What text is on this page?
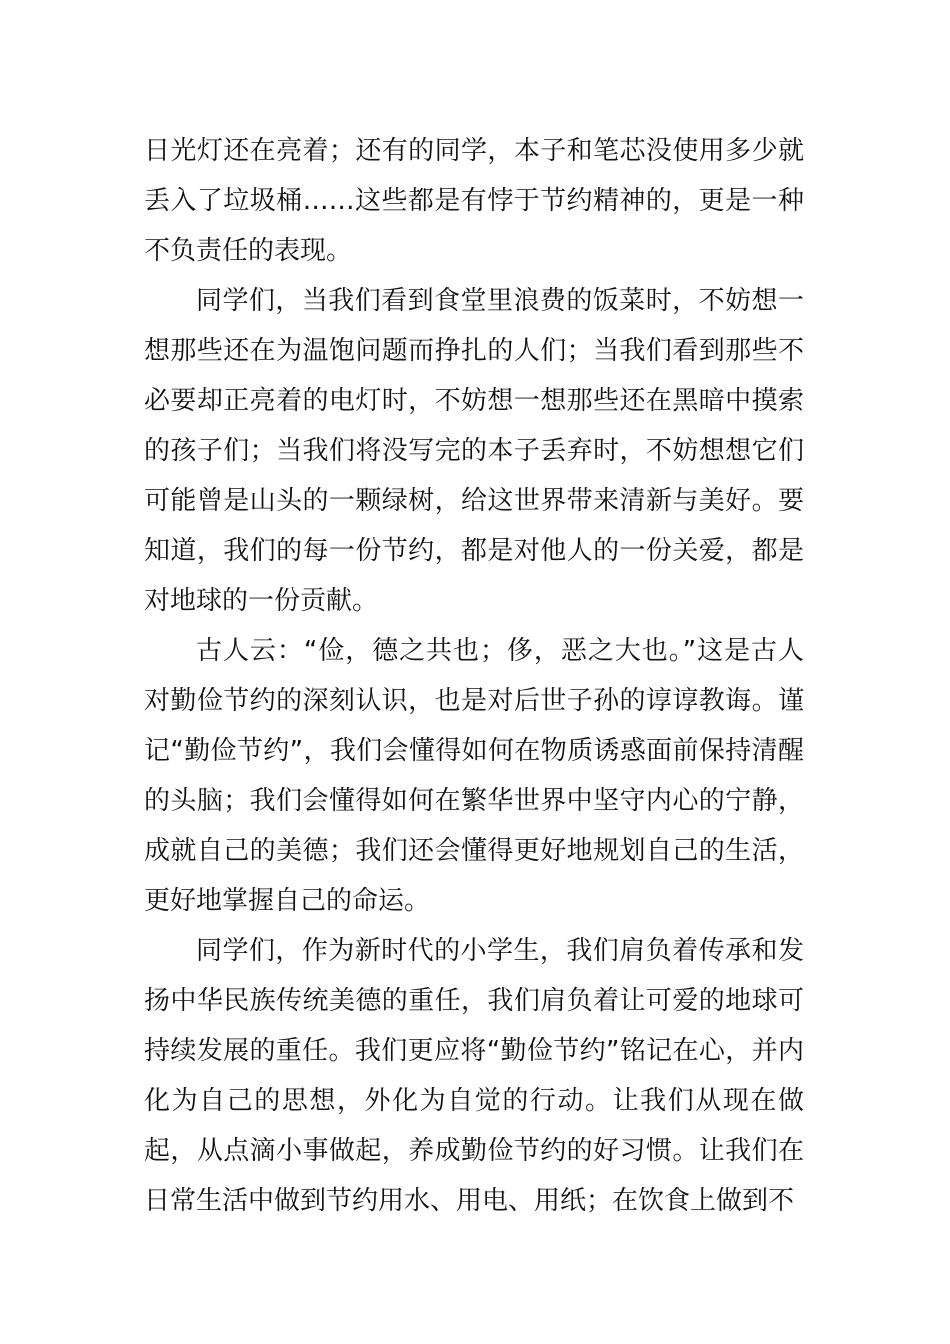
日光灯还在亮着；还有的同学，本子和笔芯没使用多少就丢入了垃圾桶……这些都是有悖于节约精神的，更是一种不负责任的表现。

同学们，当我们看到食堂里浪费的饭菜时，不妨想一想那些还在为温饱问题而挣扎的人们；当我们看到那些不必要却正亮着的电灯时，不妨想一想那些还在黑暗中摸索的孩子们；当我们将没写完的本子丢弃时，不妨想想它们可能曾是山头的一颗绿树，给这世界带来清新与美好。要知道，我们的每一份节约，都是对他人的一份关爱，都是对地球的一份贡献。

古人云：“俭，德之共也；侈，恶之大也。”这是古人对勤俭节约的深刻认识，也是对后世子孙的谆谆教诲。谨记“勤俭节约”，我们会懂得如何在物质诱惑面前保持清醒的头脑；我们会懂得如何在繁华世界中坚守内心的宁静，成就自己的美德；我们还会懂得更好地规划自己的生活，更好地掌握自己的命运。

同学们，作为新时代的小学生，我们肩负着传承和发扬中华民族传统美德的重任，我们肩负着让可爱的地球可持续发展的重任。我们更应将“勤俭节约”铭记在心，并内化为自己的思想，外化为自觉的行动。让我们从现在做起，从点滴小事做起，养成勤俭节约的好习惯。让我们在日常生活中做到节约用水、用电、用纸；在饮食上做到不
